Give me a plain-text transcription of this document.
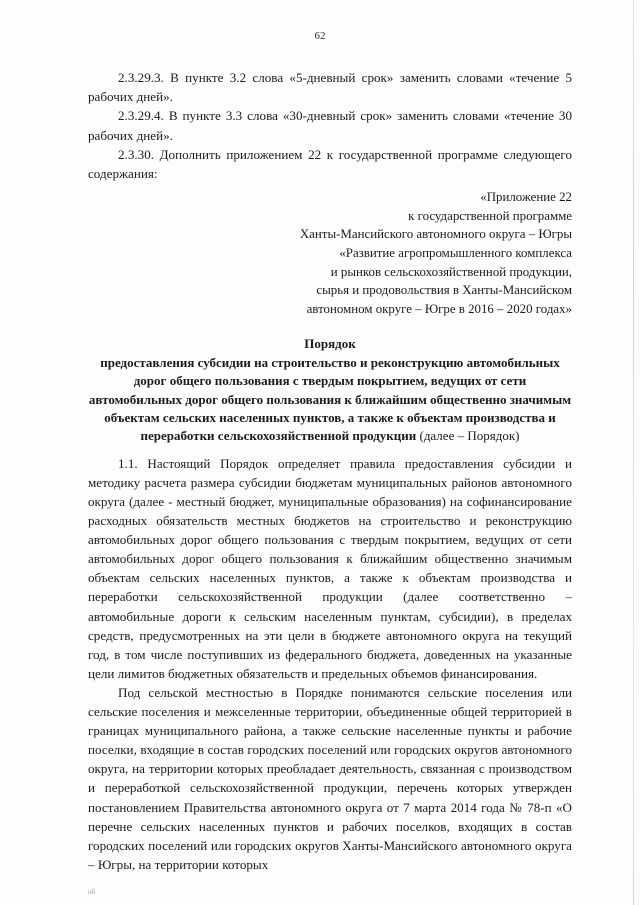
62

2.3.29.3. В пункте 3.2 слова «5-дневный срок» заменить словами «течение 5 рабочих дней».

2.3.29.4. В пункте 3.3 слова «30-дневный срок» заменить словами «течение 30 рабочих дней».

2.3.30. Дополнить приложением 22 к государственной программе следующего содержания:

«Приложение 22
к государственной программе
Ханты-Мансийского автономного округа – Югры
«Развитие агропромышленного комплекса
и рынков сельскохозяйственной продукции,
сырья и продовольствия в Ханты-Мансийском
автономном округе – Югре в 2016 – 2020 годах»
Порядок
предоставления субсидии на строительство и реконструкцию автомобильных дорог общего пользования с твердым покрытием, ведущих от сети автомобильных дорог общего пользования к ближайшим общественно значимым объектам сельских населенных пунктов, а также к объектам производства и переработки сельскохозяйственной продукции (далее – Порядок)

1.1. Настоящий Порядок определяет правила предоставления субсидии и методику расчета размера субсидии бюджетам муниципальных районов автономного округа (далее - местный бюджет, муниципальные образования) на софинансирование расходных обязательств местных бюджетов на строительство и реконструкцию автомобильных дорог общего пользования с твердым покрытием, ведущих от сети автомобильных дорог общего пользования к ближайшим общественно значимым объектам сельских населенных пунктов, а также к объектам производства и переработки сельскохозяйственной продукции (далее соответственно – автомобильные дороги к сельским населенным пунктам, субсидии), в пределах средств, предусмотренных на эти цели в бюджете автономного округа на текущий год, в том числе поступивших из федерального бюджета, доведенных на указанные цели лимитов бюджетных обязательств и предельных объемов финансирования.

Под сельской местностью в Порядке понимаются сельские поселения или сельские поселения и межселенные территории, объединенные общей территорией в границах муниципального района, а также сельские населенные пункты и рабочие поселки, входящие в состав городских поселений или городских округов автономного округа, на территории которых преобладает деятельность, связанная с производством и переработкой сельскохозяйственной продукции, перечень которых утвержден постановлением Правительства автономного округа от 7 марта 2014 года № 78-п «О перечне сельских населенных пунктов и рабочих поселков, входящих в состав городских поселений или городских округов Ханты-Мансийского автономного округа – Югры, на территории которых

пб
